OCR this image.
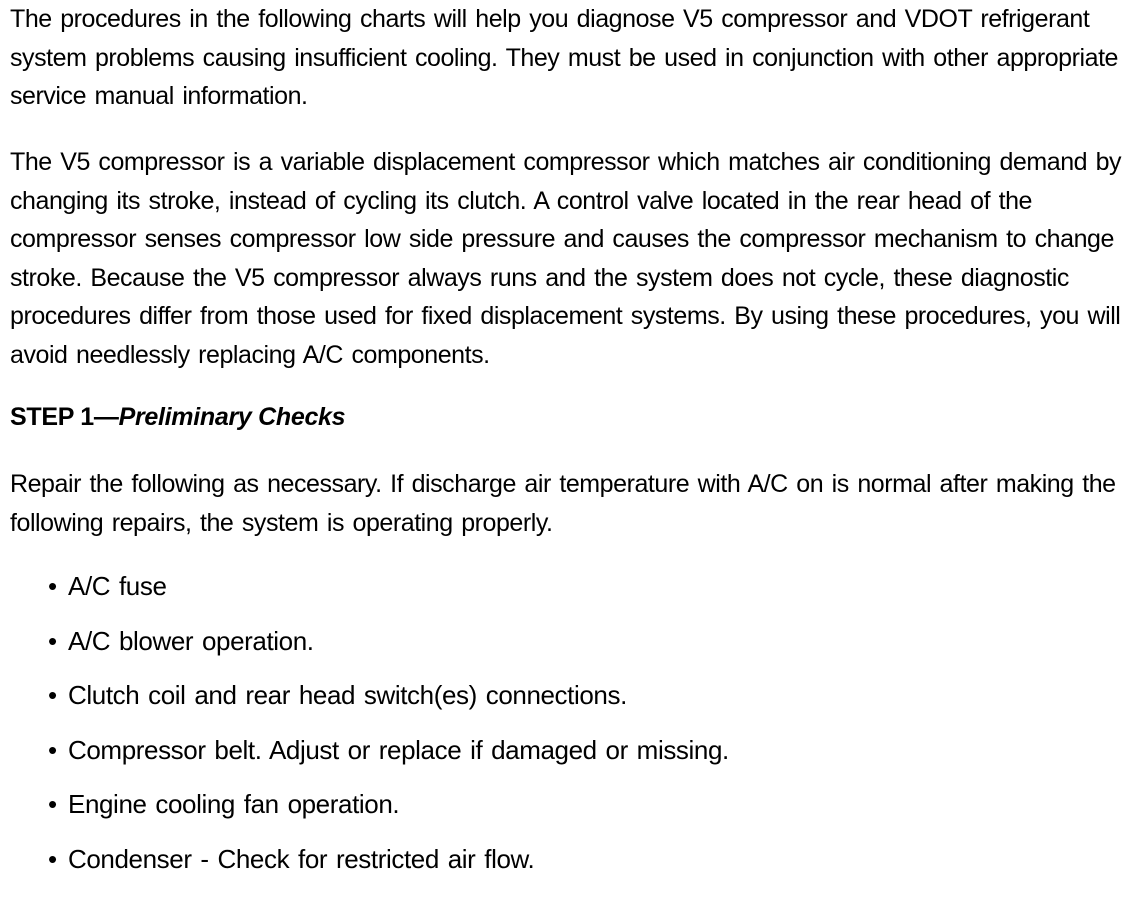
The procedures in the following charts will help you diagnose V5 compressor and VDOT refrigerant system problems causing insufficient cooling. They must be used in conjunction with other appropriate service manual information.

The V5 compressor is a variable displacement compressor which matches air conditioning demand by changing its stroke, instead of cycling its clutch. A control valve located in the rear head of the compressor senses compressor low side pressure and causes the compressor mechanism to change stroke. Because the V5 compressor always runs and the system does not cycle, these diagnostic procedures differ from those used for fixed displacement systems. By using these procedures, you will avoid needlessly replacing A/C components.

STEP 1—Preliminary Checks

Repair the following as necessary. If discharge air temperature with A/C on is normal after making the following repairs, the system is operating properly.

• A/C fuse
• A/C blower operation.
• Clutch coil and rear head switch(es) connections.
• Compressor belt. Adjust or replace if damaged or missing.
• Engine cooling fan operation.
• Condenser - Check for restricted air flow.
